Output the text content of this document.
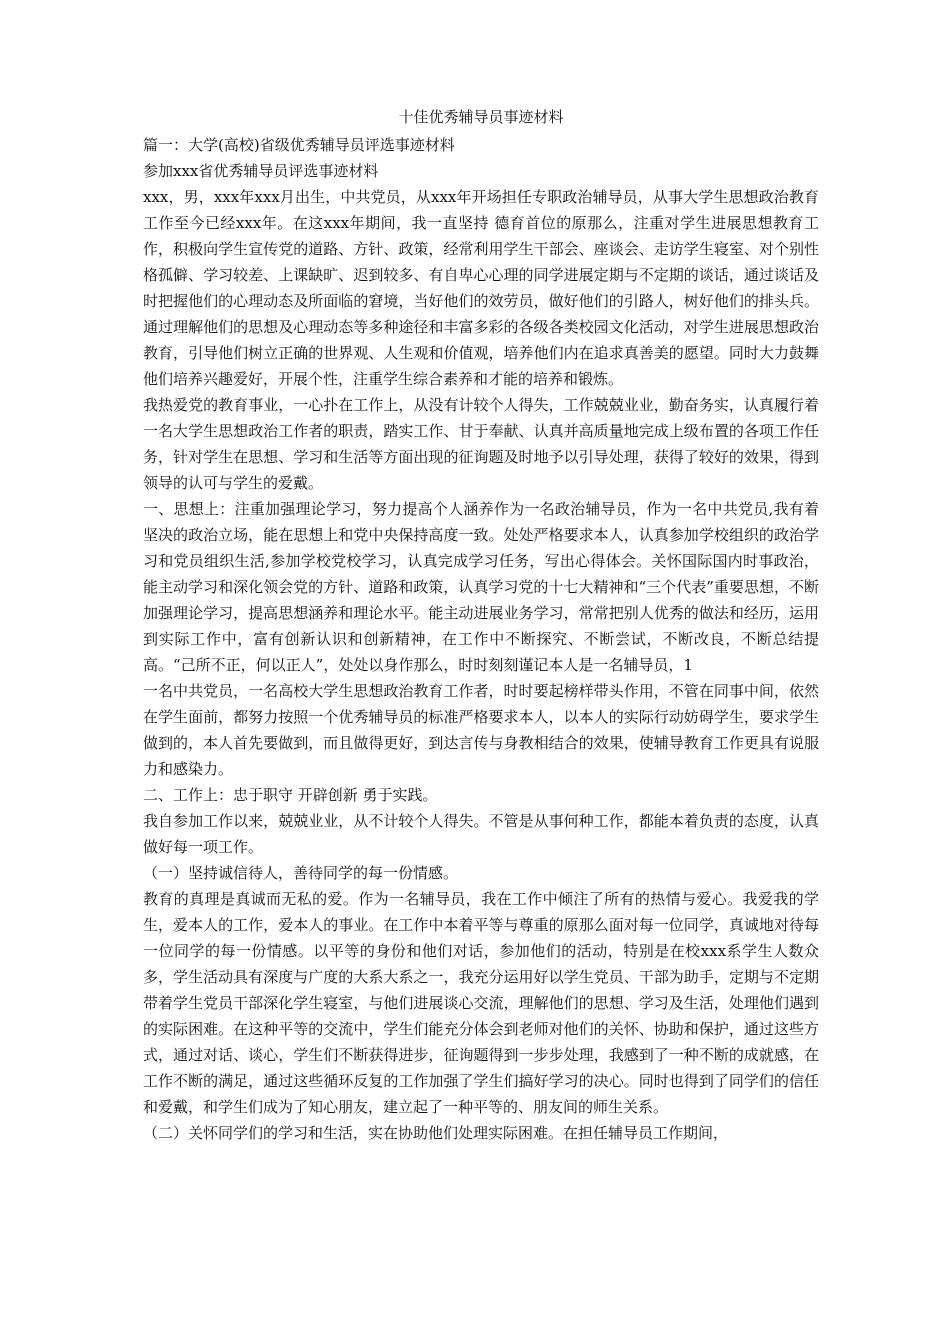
十佳优秀辅导员事迹材料

篇一：大学(高校)省级优秀辅导员评选事迹材料

参加xxx省优秀辅导员评选事迹材料

xxx，男，xxx年xxx月出生，中共党员，从xxx年开场担任专职政治辅导员，从事大学生思想政治教育工作至今已经xxx年。在这xxx年期间，我一直坚持 德育首位的原那么，注重对学生进展思想教育工作，积极向学生宣传党的道路、方针、政策，经常利用学生干部会、座谈会、走访学生寝室、对个别性格孤僻、学习较差、上课缺旷、迟到较多、有自卑心心理的同学进展定期与不定期的谈话，通过谈话及时把握他们的心理动态及所面临的窘境，当好他们的效劳员，做好他们的引路人，树好他们的排头兵。通过理解他们的思想及心理动态等多种途径和丰富多彩的各级各类校园文化活动，对学生进展思想政治教育，引导他们树立正确的世界观、人生观和价值观，培养他们内在追求真善美的愿望。同时大力鼓舞他们培养兴趣爱好，开展个性，注重学生综合素养和才能的培养和锻炼。

我热爱党的教育事业，一心扑在工作上，从没有计较个人得失，工作兢兢业业，勤奋务实，认真履行着一名大学生思想政治工作者的职责，踏实工作、甘于奉献、认真并高质量地完成上级布置的各项工作任务，针对学生在思想、学习和生活等方面出现的征询题及时地予以引导处理，获得了较好的效果，得到领导的认可与学生的爱戴。

一、思想上：注重加强理论学习，努力提高个人涵养作为一名政治辅导员，作为一名中共党员,我有着坚决的政治立场，能在思想上和党中央保持高度一致。处处严格要求本人，认真参加学校组织的政治学习和党员组织生活,参加学校党校学习，认真完成学习任务，写出心得体会。关怀国际国内时事政治，能主动学习和深化领会党的方针、道路和政策，认真学习党的十七大精神和“三个代表”重要思想，不断加强理论学习，提高思想涵养和理论水平。能主动进展业务学习，常常把别人优秀的做法和经历，运用到实际工作中，富有创新认识和创新精神，在工作中不断探究、不断尝试，不断改良，不断总结提高。“己所不正，何以正人”，处处以身作那么，时时刻刻谨记本人是一名辅导员，1

一名中共党员，一名高校大学生思想政治教育工作者，时时要起榜样带头作用，不管在同事中间，依然在学生面前，都努力按照一个优秀辅导员的标准严格要求本人，以本人的实际行动妨碍学生，要求学生做到的，本人首先要做到，而且做得更好，到达言传与身教相结合的效果，使辅导教育工作更具有说服力和感染力。

二、工作上：忠于职守 开辟创新 勇于实践。

我自参加工作以来，兢兢业业，从不计较个人得失。不管是从事何种工作，都能本着负责的态度，认真做好每一项工作。

（一）坚持诚信待人，善待同学的每一份情感。

教育的真理是真诚而无私的爱。作为一名辅导员，我在工作中倾注了所有的热情与爱心。我爱我的学生，爱本人的工作，爱本人的事业。在工作中本着平等与尊重的原那么面对每一位同学，真诚地对待每一位同学的每一份情感。以平等的身份和他们对话，参加他们的活动，特别是在校xxx系学生人数众多，学生活动具有深度与广度的大系大系之一，我充分运用好以学生党员、干部为助手，定期与不定期带着学生党员干部深化学生寝室，与他们进展谈心交流，理解他们的思想、学习及生活，处理他们遇到的实际困难。在这种平等的交流中，学生们能充分体会到老师对他们的关怀、协助和保护，通过这些方式，通过对话、谈心，学生们不断获得进步，征询题得到一步步处理，我感到了一种不断的成就感，在工作不断的满足，通过这些循环反复的工作加强了学生们搞好学习的决心。同时也得到了同学们的信任和爱戴，和学生们成为了知心朋友，建立起了一种平等的、朋友间的师生关系。

（二）关怀同学们的学习和生活，实在协助他们处理实际困难。在担任辅导员工作期间，
